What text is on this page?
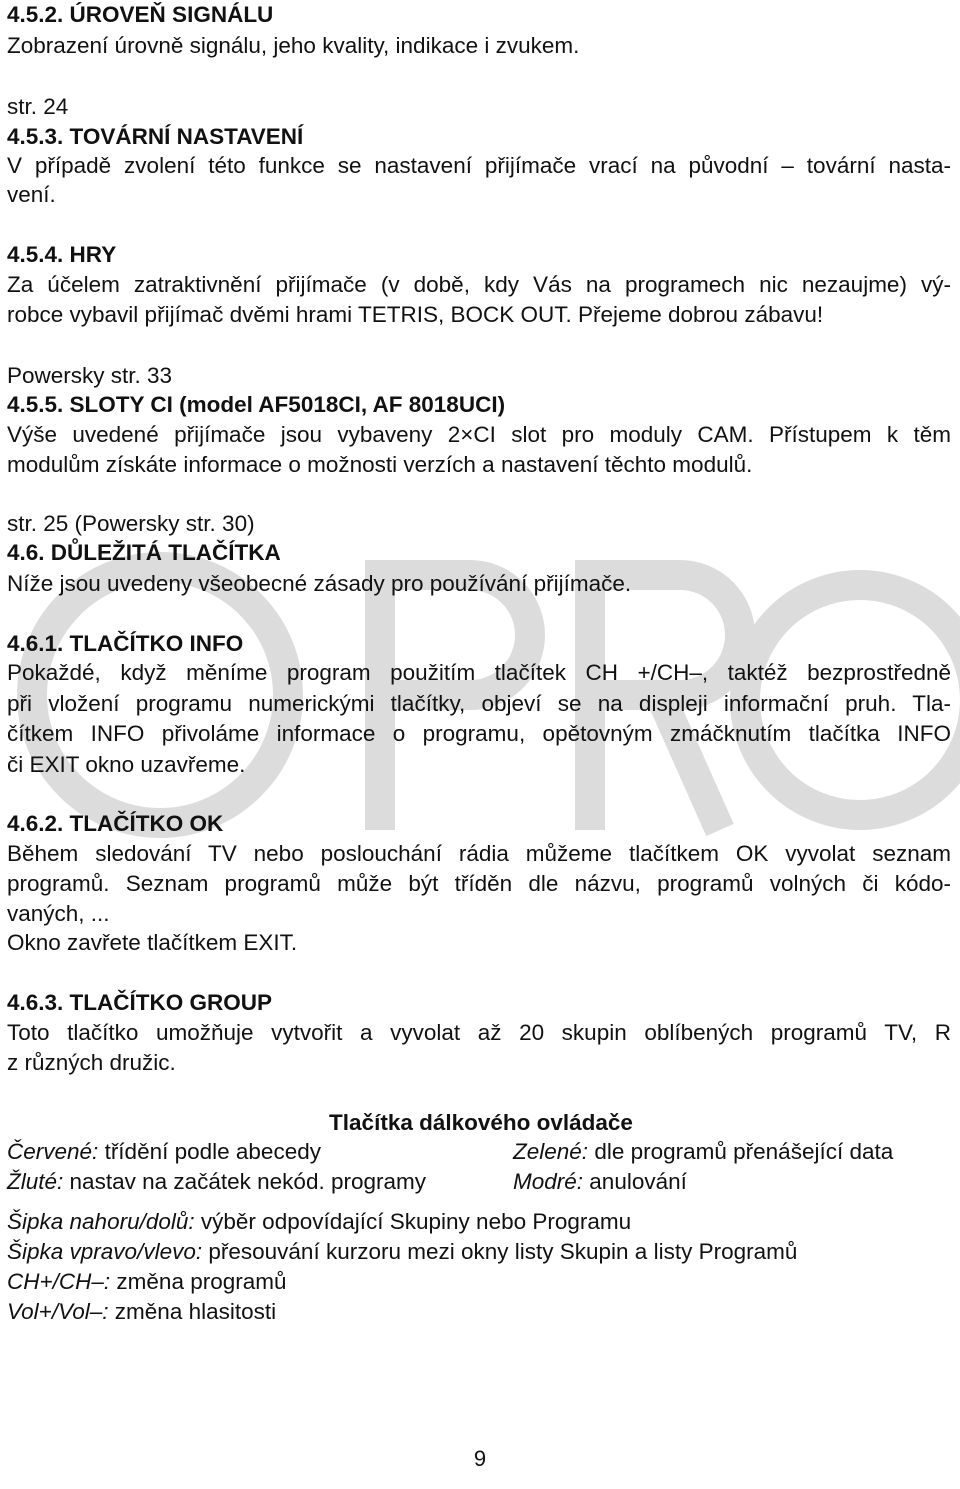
4.5.2. ÚROVEŇ SIGNÁLU
Zobrazení úrovně signálu, jeho kvality, indikace i zvukem.
str. 24
4.5.3. TOVÁRNÍ NASTAVENÍ
V případě zvolení této funkce se nastavení přijímače vrací na původní – tovární nasta-
vení.
4.5.4. HRY
Za účelem zatraktivnění přijímače (v době, kdy Vás na programech nic nezaujme) vý-
robce vybavil přijímač dvěmi hrami TETRIS, BOCK OUT. Přejeme dobrou zábavu!
Powersky str. 33
4.5.5. SLOTY CI (model AF5018CI, AF 8018UCI)
Výše uvedené přijímače jsou vybaveny 2×CI slot pro moduly CAM. Přístupem k těm
modulům získáte informace o možnosti verzích a nastavení těchto modulů.
str. 25 (Powersky str. 30)
4.6. DŮLEŽITÁ TLAČÍTKA
Níže jsou uvedeny všeobecné zásady pro používání přijímače.
4.6.1. TLAČÍTKO INFO
Pokaždé, když měníme program použitím tlačítek CH +/CH–, taktéž bezprostředně
při vložení programu numerickými tlačítky, objeví se na displeji informační pruh. Tla-
čítkem INFO přivoláme informace o programu, opětovným zmáčknutím tlačítka INFO
či EXIT okno uzavřeme.
4.6.2. TLAČÍTKO OK
Během sledování TV nebo poslouchání rádia můžeme tlačítkem OK vyvolat seznam
programů. Seznam programů může být tříděn dle názvu, programů volných či kódo-
vaných, ...
Okno zavřete tlačítkem EXIT.
4.6.3. TLAČÍTKO GROUP
Toto tlačítko umožňuje vytvořit a vyvolat až 20 skupin oblíbených programů TV, R
z různých družic.
Tlačítka dálkového ovládače
Červené: třídění podle abecedy	Zelené: dle programů přenášející data
Žluté: nastav na začátek nekód. programy	Modré: anulování
Šipka nahoru/dolů: výběr odpovídající Skupiny nebo Programu
Šipka vpravo/vlevo: přesouvání kurzoru mezi okny listy Skupin a listy Programů
CH+/CH–: změna programů
Vol+/Vol–: změna hlasitosti
9
